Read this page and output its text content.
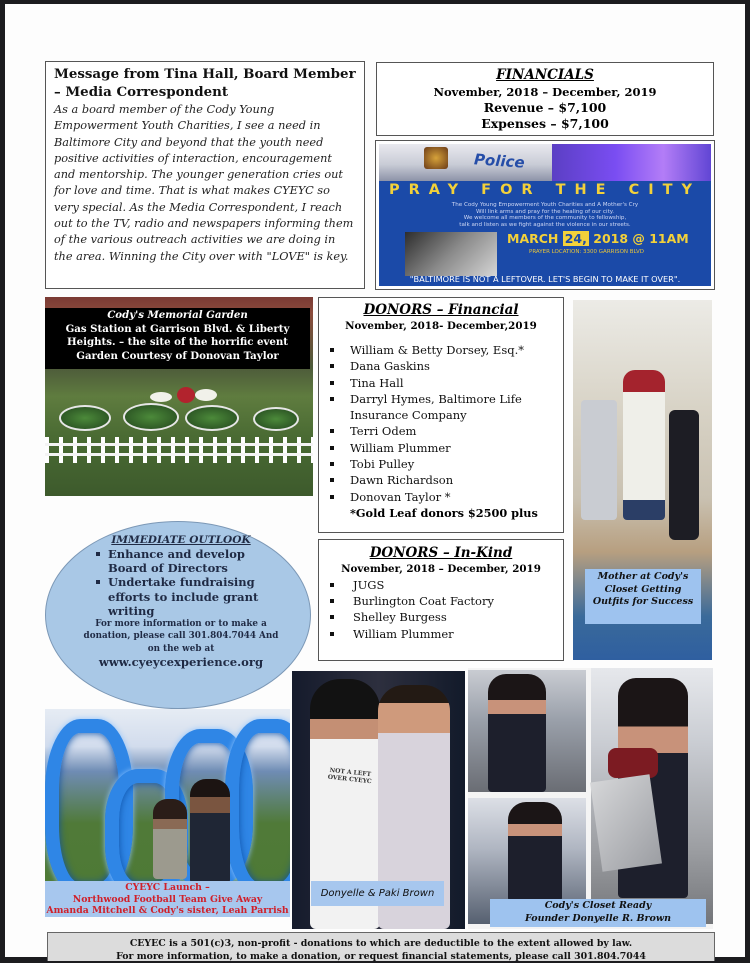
Message from Tina Hall, Board Member – Media Correspondent
As a board member of the Cody Young Empowerment Youth Charities, I see a need in Baltimore City and beyond that the youth need positive activities of interaction, encouragement and mentorship. The younger generation cries out for love and time. That is what makes CYEYC so very special. As the Media Correspondent, I reach out to the TV, radio and newspapers informing them of the various outreach activities we are doing in the area. Winning the City over with "LOVE" is key.
FINANCIALS
November, 2018 – December, 2019
Revenue – $7,100
Expenses – $7,100
Police
PRAY FOR THE CITY
The Cody Young Empowerment Youth Charities and A Mother's Cry
Will link arms and pray for the healing of our city.
We welcome all members of the community to fellowship,
talk and listen as we fight against the violence in our streets.
MARCH 24, 2018 @ 11AM
PRAYER LOCATION: 3300 GARRISON BLVD
"BALTIMORE IS NOT A LEFTOVER. LET'S BEGIN TO MAKE IT OVER".
Cody's Memorial Garden
Gas Station at Garrison Blvd. & Liberty
Heights. – the site of the horrific event
Garden Courtesy of Donovan Taylor
DONORS – Financial
November, 2018- December,2019
William & Betty Dorsey, Esq.*
Dana Gaskins
Tina Hall
Darryl Hymes, Baltimore Life Insurance Company
Terri Odem
William Plummer
Tobi Pulley
Dawn Richardson
Donovan Taylor *
*Gold Leaf donors $2500 plus
DONORS – In-Kind
November, 2018 – December, 2019
JUGS
Burlington Coat Factory
Shelley Burgess
William Plummer
Mother at Cody's Closet Getting Outfits for Success
CYEYC Launch –
Northwood Football Team Give Away
Amanda Mitchell & Cody's sister, Leah Parrish
IMMEDIATE OUTLOOK
Enhance and develop Board of Directors
Undertake fundraising efforts to include grant writing
For more information or to make a donation, please call 301.804.7044 And on the web at
www.cyeycexperience.org
NOT A LEFT OVER CYEYC
Donyelle & Paki Brown
Cody's Closet Ready
Founder Donyelle R. Brown
CEYEC is a 501(c)3, non-profit - donations to which are deductible to the extent allowed by law.
For more information, to make a donation, or request financial statements, please call 301.804.7044
